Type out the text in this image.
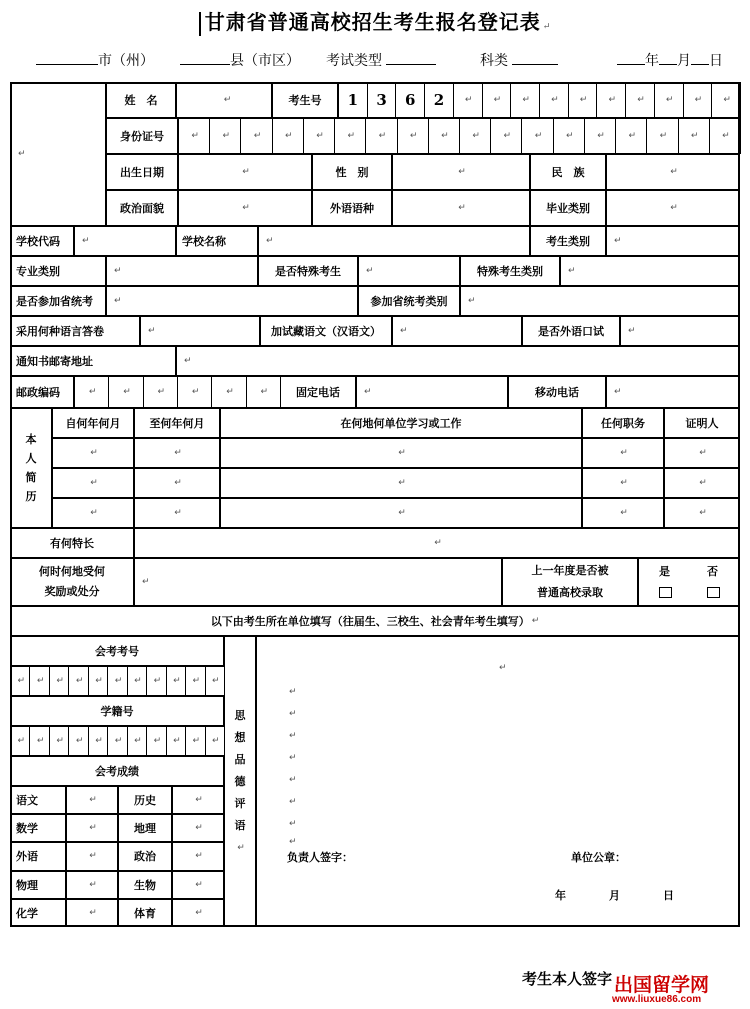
甘肃省普通高校招生考生报名登记表 ↵
市（州）	县（市区） 考试类型	科类	年 月 日
↵
姓　名	↵	考生号	1 3 6 2 ↵ ↵ ↵ ↵ ↵ ↵ ↵ ↵ ↵ ↵
身份证号	↵	↵	↵	↵	↵	↵	↵	↵	↵	↵	↵	↵	↵	↵	↵	↵	↵	↵
出生日期	↵	性　别	↵	民　族	↵
政治面貌	↵	外语语种	↵	毕业类别	↵
学校代码	↵	学校名称	↵	考生类别	↵
专业类别	↵	是否特殊考生	↵	特殊考生类别	↵
是否参加省统考	↵	参加省统考类别	↵
采用何种语言答卷	↵	加试藏语文（汉语文）	↵	是否外语口试	↵
通知书邮寄地址	↵
邮政编码	↵	↵	↵	↵	↵	↵	固定电话	↵	移动电话	↵
本
人
简
历
自何年何月	至何年何月	在何地何单位学习或工作	任何职务	证明人
↵	↵	↵	↵	↵
↵	↵	↵	↵	↵
↵	↵	↵	↵	↵
有何特长	↵
何时何地受何
奖励或处分
↵
上一年度是否被
普通高校录取
是	否
以下由考生所在单位填写（往届生、三校生、社会青年考生填写） ↵
会考考号
↵ ↵ ↵ ↵ ↵ ↵ ↵ ↵ ↵ ↵ ↵
学籍号
↵ ↵ ↵ ↵ ↵ ↵ ↵ ↵ ↵ ↵ ↵
会考成绩
语文	↵	历史	↵
数学	↵	地理	↵
外语	↵	政治	↵
物理	↵	生物	↵
化学	↵	体育	↵
思
想
品
德
评
语
↵
↵
↵
↵
↵
↵
↵
↵
↵
↵
负责人签字：	单位公章：
年	月	日
考生本人签字 出国留学网
www.liuxue86.com
